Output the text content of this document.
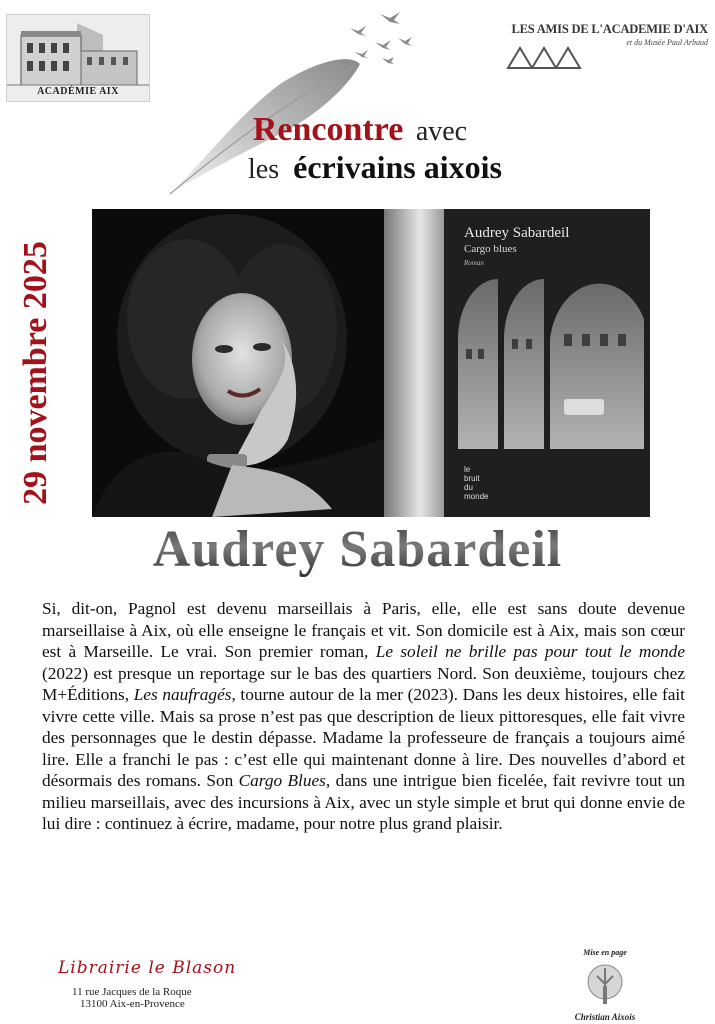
ACADÉMIE AIX
LES AMIS DE L'ACADEMIE D'AIX
et du Musée Paul Arbaud
Rencontre avec
les écrivains aixois
29 novembre 2025
Audrey Sabardeil
Cargo blues
Roman
le
bruit
du
monde
Audrey Sabardeil
Si, dit-on, Pagnol est devenu marseillais à Paris, elle, elle est sans doute devenue marseillaise à Aix, où elle enseigne le français et vit. Son domicile est à Aix, mais son cœur est à Marseille. Le vrai. Son premier roman, Le soleil ne brille pas pour tout le monde (2022) est presque un reportage sur le bas des quartiers Nord. Son deuxième, toujours chez M+Éditions, Les naufragés, tourne autour de la mer (2023). Dans les deux histoires, elle fait vivre cette ville. Mais sa prose n’est pas que description de lieux pittoresques, elle fait vivre des personnages que le destin dépasse. Madame la professeure de français a toujours aimé lire. Elle a franchi le pas : c’est elle qui maintenant donne à lire. Des nouvelles d’abord et désormais des romans. Son Cargo Blues, dans une intrigue bien ficelée, fait revivre tout un milieu marseillais, avec des incursions à Aix, avec un style simple et brut qui donne envie de lui dire : continuez à écrire, madame, pour notre plus grand plaisir.
Librairie le Blason
11 rue Jacques de la Roque
13100 Aix-en-Provence
Mise en page
Christian Aixois
